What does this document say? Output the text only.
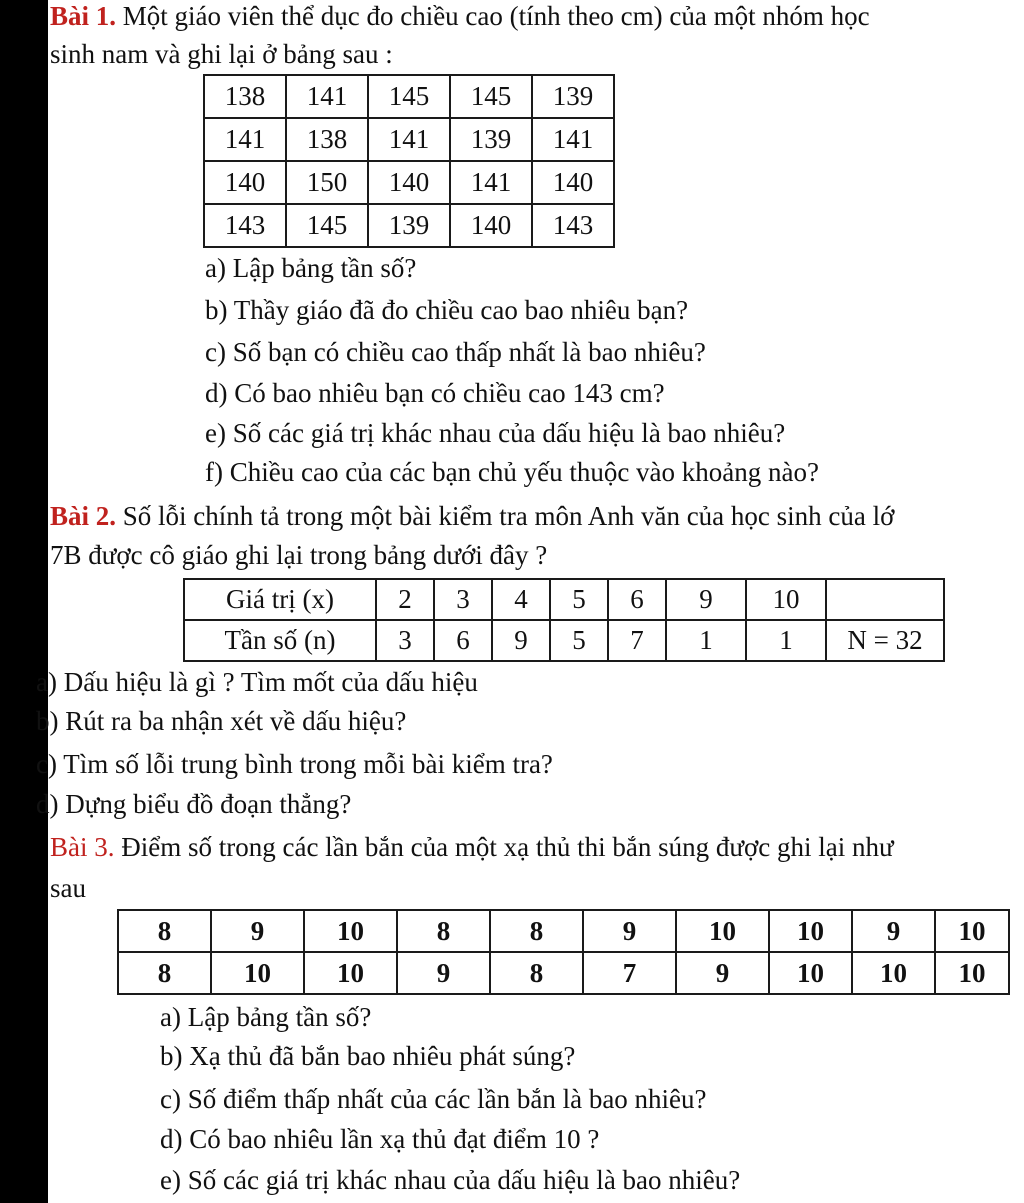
Bài 1. Một giáo viên thể dục đo chiều cao (tính theo cm) của một nhóm học
sinh nam và ghi lại ở bảng sau :
138	141	145	145	139
141	138	141	139	141
140	150	140	141	140
143	145	139	140	143
a) Lập bảng tần số?
b) Thầy giáo đã đo chiều cao bao nhiêu bạn?
c) Số bạn có chiều cao thấp nhất là bao nhiêu?
d) Có bao nhiêu bạn có chiều cao 143 cm?
e) Số các giá trị khác nhau của dấu hiệu là bao nhiêu?
f) Chiều cao của các bạn chủ yếu thuộc vào khoảng nào?
Bài 2. Số lỗi chính tả trong một bài kiểm tra môn Anh văn của học sinh của lớ
7B được cô giáo ghi lại trong bảng dưới đây ?
Giá trị (x)	2	3	4	5	6	9	10	
Tần số (n)	3	6	9	5	7	1	1	N = 32
a) Dấu hiệu là gì ? Tìm mốt của dấu hiệu
b) Rút ra ba nhận xét về dấu hiệu?
c) Tìm số lỗi trung bình trong mỗi bài kiểm tra?
d) Dựng biểu đồ đoạn thẳng?
Bài 3. Điểm số trong các lần bắn của một xạ thủ thi bắn súng được ghi lại như
sau
8	9	10	8	8	9	10	10	9	10
8	10	10	9	8	7	9	10	10	10
a) Lập bảng tần số?
b) Xạ thủ đã bắn bao nhiêu phát súng?
c) Số điểm thấp nhất của các lần bắn là bao nhiêu?
d) Có bao nhiêu lần xạ thủ đạt điểm 10 ?
e) Số các giá trị khác nhau của dấu hiệu là bao nhiêu?
